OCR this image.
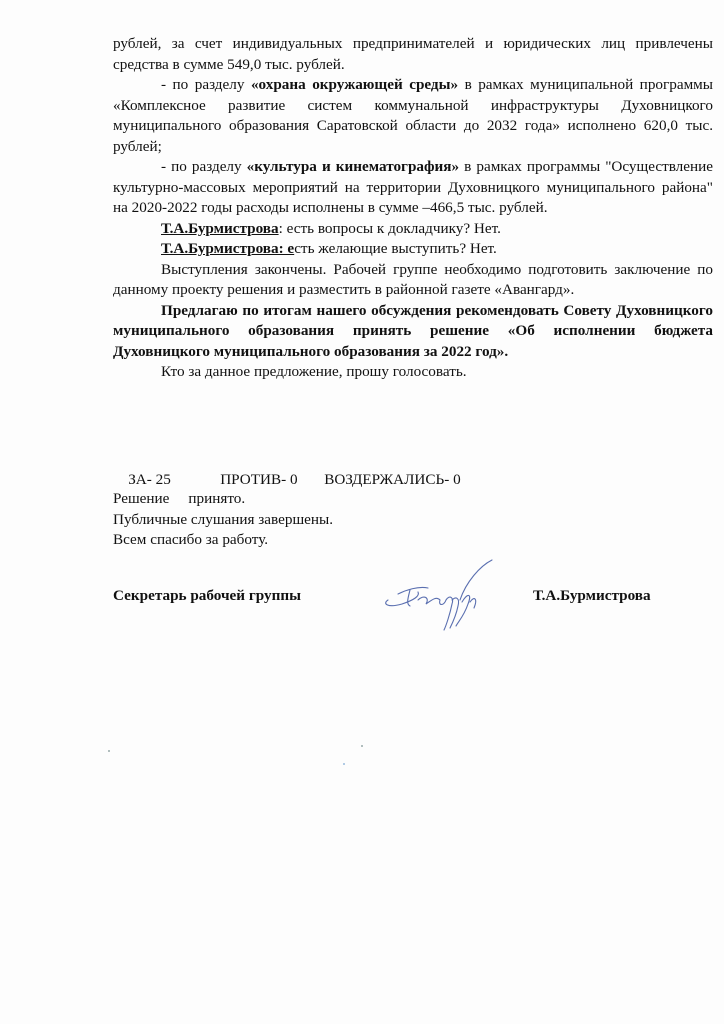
рублей, за счет индивидуальных предпринимателей и юридических лиц привлечены средства в сумме 549,0 тыс. рублей.

- по разделу «охрана окружающей среды» в рамках муниципальной программы «Комплексное развитие систем коммунальной инфраструктуры Духовницкого муниципального образования Саратовской области до 2032 года» исполнено 620,0 тыс. рублей;

- по разделу «культура и кинематография» в рамках программы "Осуществление культурно-массовых мероприятий на территории Духовницкого муниципального района" на 2020-2022 годы расходы исполнены в сумме –466,5 тыс. рублей.

Т.А.Бурмистрова: есть вопросы к докладчику? Нет.

Т.А.Бурмистрова: есть желающие выступить? Нет.

Выступления закончены. Рабочей группе необходимо подготовить заключение по данному проекту решения и разместить в районной газете «Авангард».

Предлагаю по итогам нашего обсуждения рекомендовать Совету Духовницкого муниципального образования принять решение «Об исполнении бюджета Духовницкого муниципального образования за 2022 год».

Кто за данное предложение, прошу голосовать.

ЗА- 25	ПРОТИВ- 0 ВОЗДЕРЖАЛИСЬ- 0

Решение     принято.
Публичные слушания завершены.
Всем спасибо за работу.
Секретарь рабочей группы	Т.А.Бурмистрова
